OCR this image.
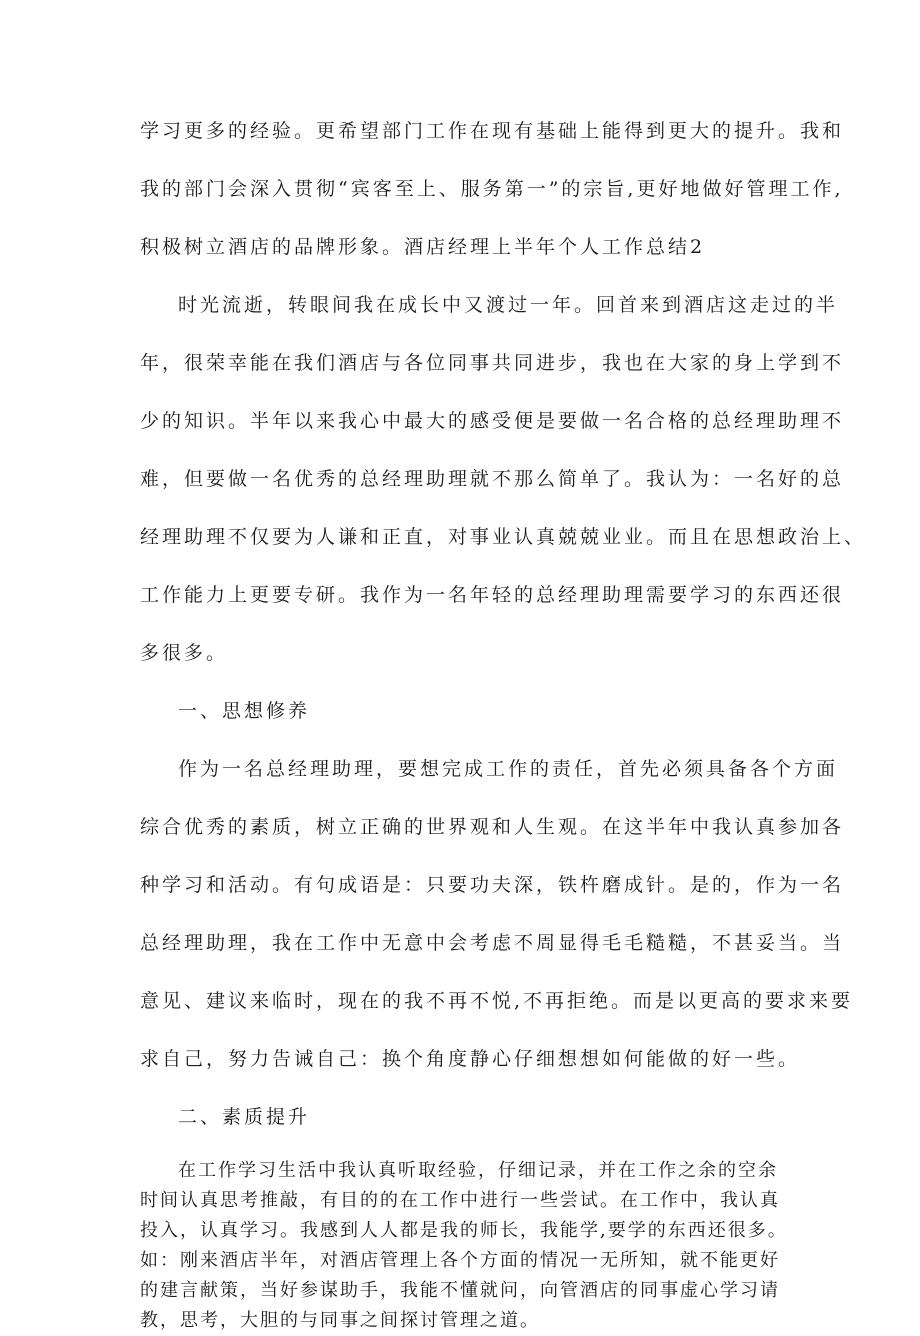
学习更多的经验。更希望部门工作在现有基础上能得到更大的提升。我和
我的部门会深入贯彻“宾客至上、服务第一”的宗旨,更好地做好管理工作,
积极树立酒店的品牌形象。酒店经理上半年个人工作总结2
时光流逝，转眼间我在成长中又渡过一年。回首来到酒店这走过的半
年，很荣幸能在我们酒店与各位同事共同进步，我也在大家的身上学到不
少的知识。半年以来我心中最大的感受便是要做一名合格的总经理助理不
难，但要做一名优秀的总经理助理就不那么简单了。我认为：一名好的总
经理助理不仅要为人谦和正直，对事业认真兢兢业业。而且在思想政治上、
工作能力上更要专研。我作为一名年轻的总经理助理需要学习的东西还很
多很多。
一、思想修养
作为一名总经理助理，要想完成工作的责任，首先必须具备各个方面
综合优秀的素质，树立正确的世界观和人生观。在这半年中我认真参加各
种学习和活动。有句成语是：只要功夫深，铁杵磨成针。是的，作为一名
总经理助理，我在工作中无意中会考虑不周显得毛毛糙糙，不甚妥当。当
意见、建议来临时，现在的我不再不悦,不再拒绝。而是以更高的要求来要
求自己，努力告诫自己：换个角度静心仔细想想如何能做的好一些。
二、素质提升
在工作学习生活中我认真听取经验，仔细记录，并在工作之余的空余
时间认真思考推敲，有目的的在工作中进行一些尝试。在工作中，我认真
投入，认真学习。我感到人人都是我的师长，我能学,要学的东西还很多。
如：刚来酒店半年，对酒店管理上各个方面的情况一无所知，就不能更好
的建言献策，当好参谋助手，我能不懂就问，向管酒店的同事虚心学习请
教，思考，大胆的与同事之间探讨管理之道。
